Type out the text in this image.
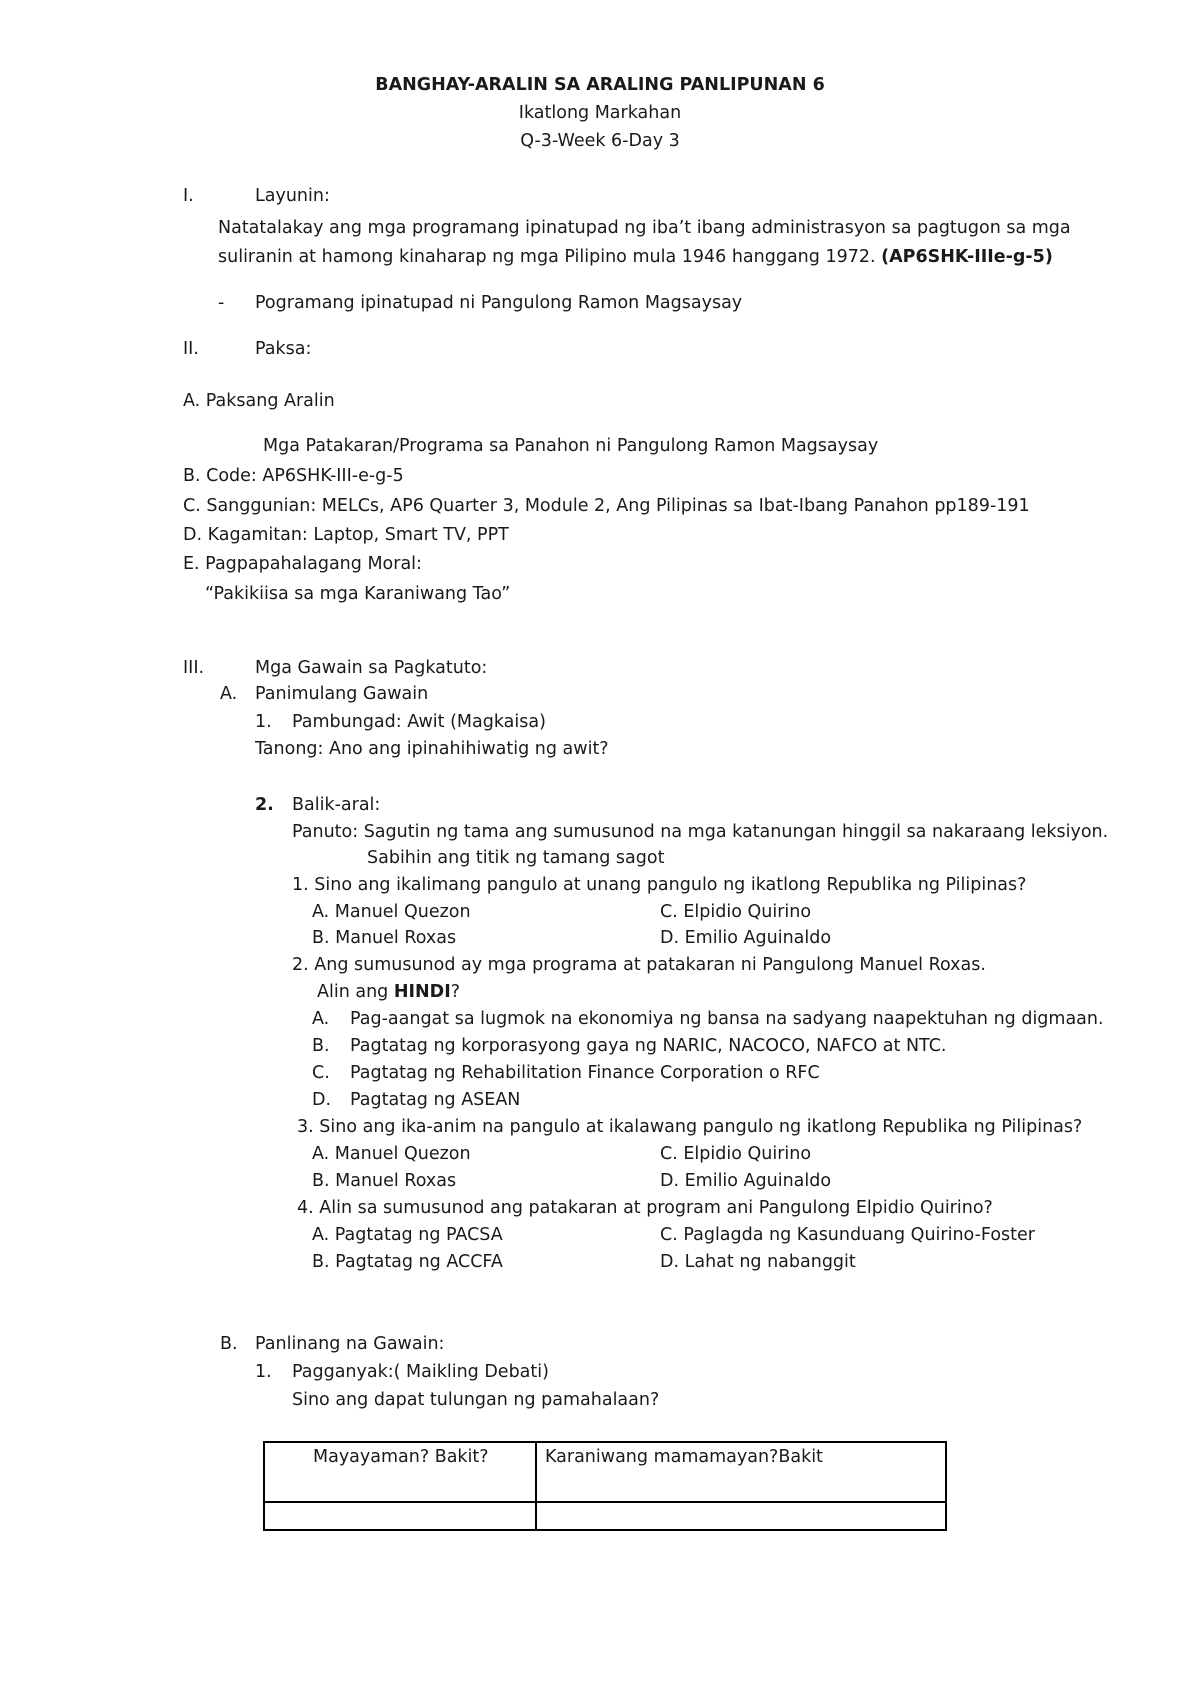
BANGHAY-ARALIN SA ARALING PANLIPUNAN 6
Ikatlong Markahan
Q-3-Week 6-Day 3
I.	Layunin:
Natatalakay ang mga programang ipinatupad ng iba’t ibang administrasyon sa pagtugon sa mga
suliranin at hamong kinaharap ng mga Pilipino mula 1946 hanggang 1972. (AP6SHK-IIIe-g-5)
- Pogramang ipinatupad ni Pangulong Ramon Magsaysay
II.	Paksa:
A. Paksang Aralin
Mga Patakaran/Programa sa Panahon ni Pangulong Ramon Magsaysay
B. Code: AP6SHK-III-e-g-5
C. Sanggunian: MELCs, AP6 Quarter 3, Module 2, Ang Pilipinas sa Ibat-Ibang Panahon pp189-191
D. Kagamitan: Laptop, Smart TV, PPT
E. Pagpapahalagang Moral:
“Pakikiisa sa mga Karaniwang Tao”
III.	Mga Gawain sa Pagkatuto:
A. Panimulang Gawain
1. Pambungad: Awit (Magkaisa)
Tanong: Ano ang ipinahihiwatig ng awit?
2. Balik-aral:
Panuto: Sagutin ng tama ang sumusunod na mga katanungan hinggil sa nakaraang leksiyon.
Sabihin ang titik ng tamang sagot
1. Sino ang ikalimang pangulo at unang pangulo ng ikatlong Republika ng Pilipinas?
A. Manuel Quezon	C. Elpidio Quirino
B. Manuel Roxas	D. Emilio Aguinaldo
2. Ang sumusunod ay mga programa at patakaran ni Pangulong Manuel Roxas.
Alin ang HINDI?
A. Pag-aangat sa lugmok na ekonomiya ng bansa na sadyang naapektuhan ng digmaan.
B. Pagtatag ng korporasyong gaya ng NARIC, NACOCO, NAFCO at NTC.
C. Pagtatag ng Rehabilitation Finance Corporation o RFC
D. Pagtatag ng ASEAN
3. Sino ang ika-anim na pangulo at ikalawang pangulo ng ikatlong Republika ng Pilipinas?
A. Manuel Quezon	C. Elpidio Quirino
B. Manuel Roxas	D. Emilio Aguinaldo
4. Alin sa sumusunod ang patakaran at program ani Pangulong Elpidio Quirino?
A. Pagtatag ng PACSA	C. Paglagda ng Kasunduang Quirino-Foster
B. Pagtatag ng ACCFA	D. Lahat ng nabanggit
B. Panlinang na Gawain:
1. Pagganyak:( Maikling Debati)
Sino ang dapat tulungan ng pamahalaan?
Mayayaman? Bakit?	Karaniwang mamamayan?Bakit
